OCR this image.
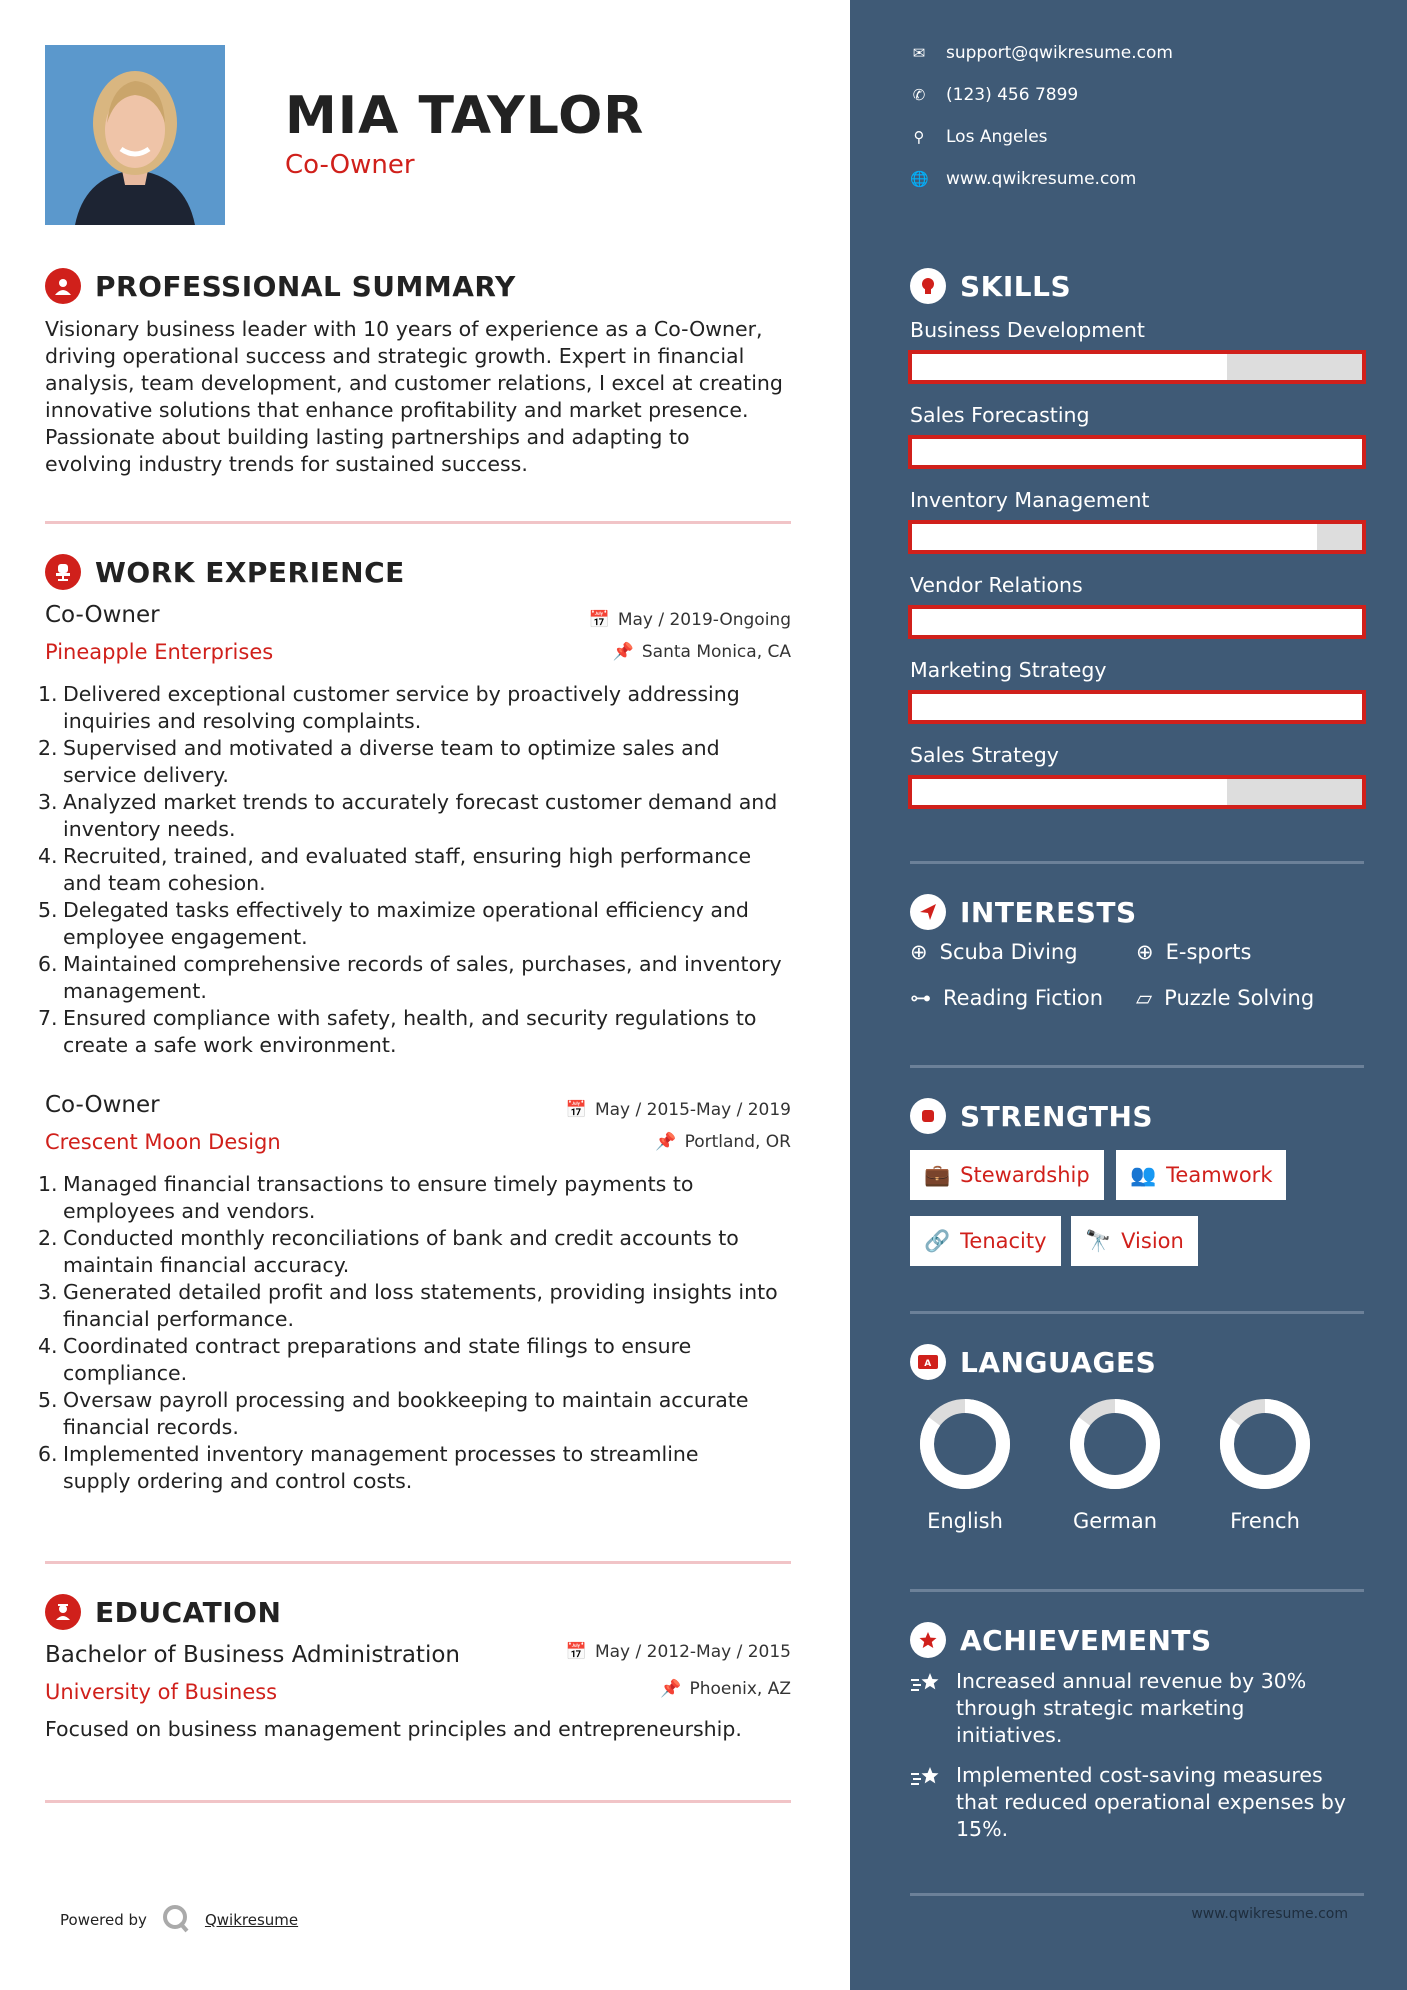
MIA TAYLOR
Co-Owner
PROFESSIONAL SUMMARY
Visionary business leader with 10 years of experience as a Co-Owner,
driving operational success and strategic growth. Expert in financial
analysis, team development, and customer relations, I excel at creating
innovative solutions that enhance profitability and market presence.
Passionate about building lasting partnerships and adapting to
evolving industry trends for sustained success.
WORK EXPERIENCE
Co-Owner	📅 May / 2019-Ongoing
Pineapple Enterprises	📌 Santa Monica, CA
Delivered exceptional customer service by proactively addressing
inquiries and resolving complaints.
Supervised and motivated a diverse team to optimize sales and
service delivery.
Analyzed market trends to accurately forecast customer demand and
inventory needs.
Recruited, trained, and evaluated staff, ensuring high performance
and team cohesion.
Delegated tasks effectively to maximize operational efficiency and
employee engagement.
Maintained comprehensive records of sales, purchases, and inventory
management.
Ensured compliance with safety, health, and security regulations to
create a safe work environment.
Co-Owner	📅 May / 2015-May / 2019
Crescent Moon Design	📌 Portland, OR
Managed financial transactions to ensure timely payments to
employees and vendors.
Conducted monthly reconciliations of bank and credit accounts to
maintain financial accuracy.
Generated detailed profit and loss statements, providing insights into
financial performance.
Coordinated contract preparations and state filings to ensure
compliance.
Oversaw payroll processing and bookkeeping to maintain accurate
financial records.
Implemented inventory management processes to streamline
supply ordering and control costs.
EDUCATION
Bachelor of Business Administration	📅 May / 2012-May / 2015
University of Business	📌 Phoenix, AZ
Focused on business management principles and entrepreneurship.
Powered by	Qwikresume
✉ support@qwikresume.com
✆ (123) 456 7899
⚲ Los Angeles
🌐 www.qwikresume.com
SKILLS
Business Development
Sales Forecasting
Inventory Management
Vendor Relations
Marketing Strategy
Sales Strategy
INTERESTS
⊕ Scuba Diving	⊕ E-sports
⊶ Reading Fiction ▱ Puzzle Solving
STRENGTHS
💼 Stewardship 👥 Teamwork
🔗 Tenacity 🔭 Vision
A LANGUAGES
English	German	French
ACHIEVEMENTS
Increased annual revenue by 30%
through strategic marketing
initiatives.
Implemented cost-saving measures
that reduced operational expenses by
15%.
www.qwikresume.com
